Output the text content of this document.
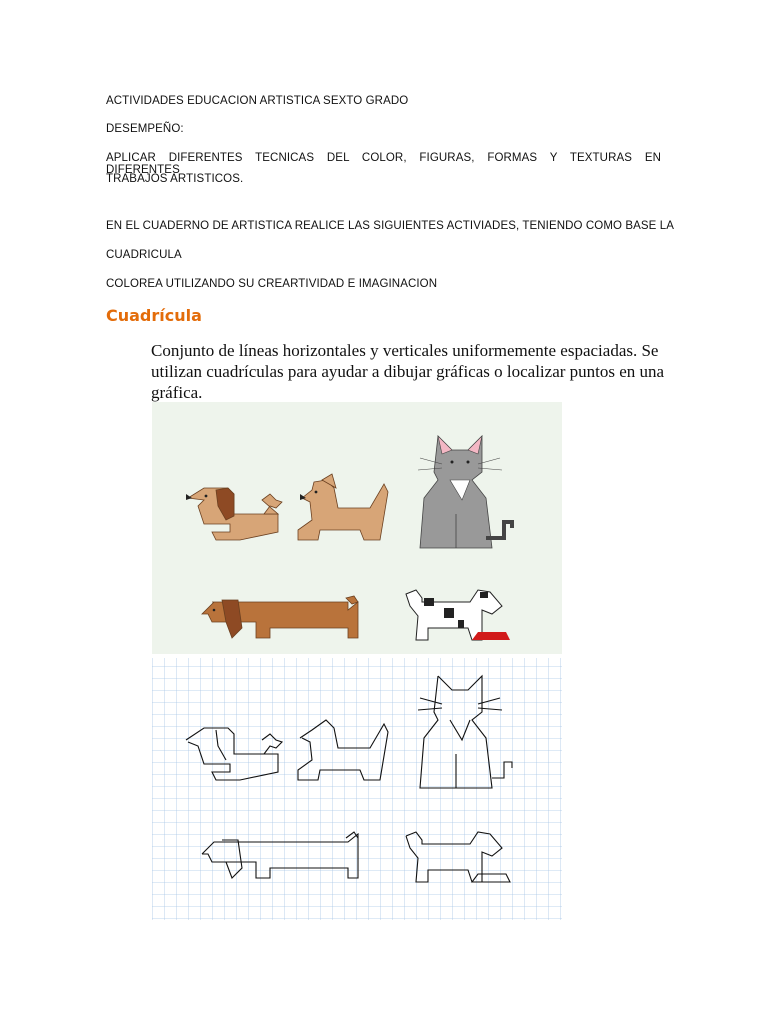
ACTIVIDADES EDUCACION ARTISTICA SEXTO GRADO
DESEMPEÑO:
APLICAR DIFERENTES TECNICAS DEL COLOR, FIGURAS, FORMAS Y TEXTURAS EN DIFERENTES
TRABAJOS ARTISTICOS.
EN EL CUADERNO DE ARTISTICA REALICE LAS SIGUIENTES ACTIVIADES, TENIENDO COMO BASE LA
CUADRICULA
COLOREA UTILIZANDO SU CREARTIVIDAD E IMAGINACION
Cuadrícula
Conjunto de líneas horizontales y verticales uniformemente espaciadas. Se utilizan cuadrículas para ayudar a dibujar gráficas o localizar puntos en una gráfica.
